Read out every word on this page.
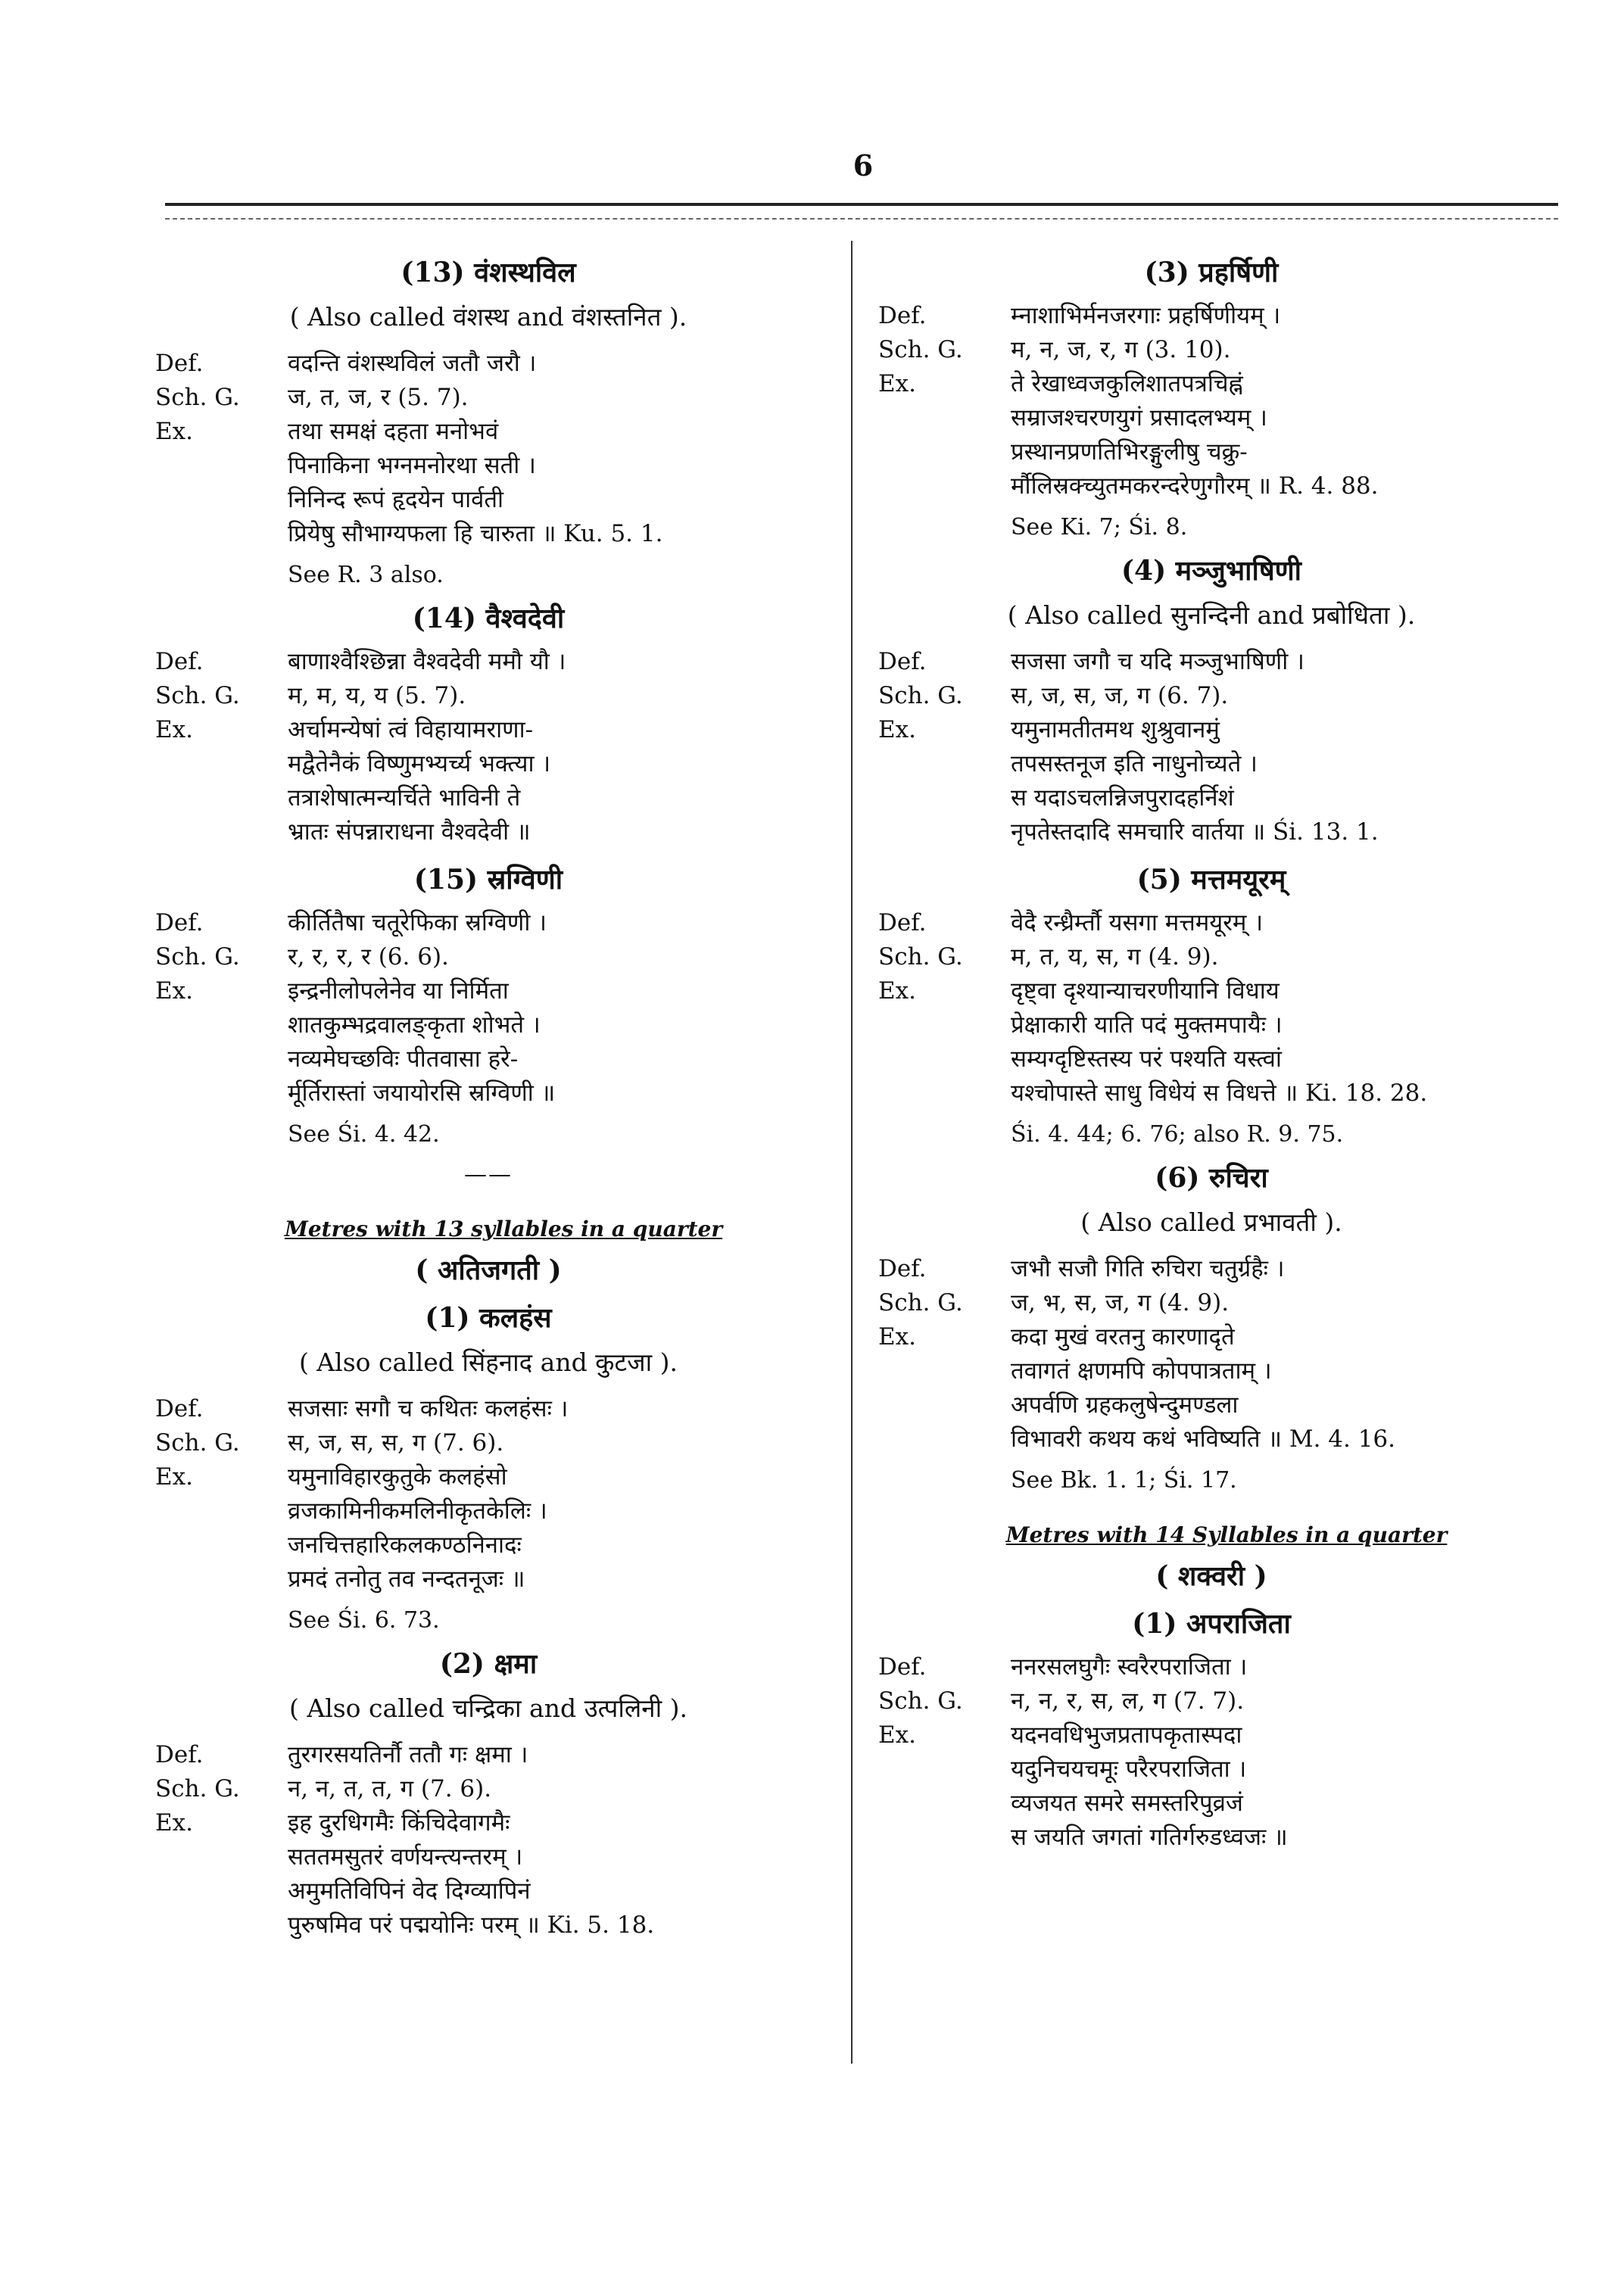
6
(13) वंशस्थविल
( Also called वंशस्थ and वंशस्तनित ).
Def.	वदन्ति वंशस्थविलं जतौ जरौ ।
Sch. G.	ज, त, ज, र (5. 7).
Ex.	तथा समक्षं दहता मनोभवं
पिनाकिना भग्नमनोरथा सती ।
निनिन्द रूपं हृदयेन पार्वती
प्रियेषु सौभाग्यफला हि चारुता ॥ Ku. 5. 1.
See R. 3 also.
(14) वैश्वदेवी
Def.	बाणाश्वैश्छिन्ना वैश्वदेवी ममौ यौ ।
Sch. G.	म, म, य, य (5. 7).
Ex.	अर्चामन्येषां त्वं विहायामराणा-
मद्वैतेनैकं विष्णुमभ्यर्च्य भक्त्या ।
तत्राशेषात्मन्यर्चिते भाविनी ते
भ्रातः संपन्नाराधना वैश्वदेवी ॥
(15) स्रग्विणी
Def.	कीर्तितैषा चतूरेफिका स्रग्विणी ।
Sch. G.	र, र, र, र (6. 6).
Ex.	इन्द्रनीलोपलेनेव या निर्मिता
शातकुम्भद्रवालङ्कृता शोभते ।
नव्यमेघच्छविः पीतवासा हरे-
र्मूर्तिरास्तां जयायोरसि स्रग्विणी ॥
See Śi. 4. 42.
——
Metres with 13 syllables in a quarter
( अतिजगती )
(1) कलहंस
( Also called सिंहनाद and कुटजा ).
Def.	सजसाः सगौ च कथितः कलहंसः ।
Sch. G.	स, ज, स, स, ग (7. 6).
Ex.	यमुनाविहारकुतुके कलहंसो
व्रजकामिनीकमलिनीकृतकेलिः ।
जनचित्तहारिकलकण्ठनिनादः
प्रमदं तनोतु तव नन्दतनूजः ॥
See Śi. 6. 73.
(2) क्षमा
( Also called चन्द्रिका and उत्पलिनी ).
Def.	तुरगरसयतिर्नौ ततौ गः क्षमा ।
Sch. G.	न, न, त, त, ग (7. 6).
Ex.	इह दुरधिगमैः किंचिदेवागमैः
सततमसुतरं वर्णयन्त्यन्तरम् ।
अमुमतिविपिनं वेद दिग्व्यापिनं
पुरुषमिव परं पद्मयोनिः परम् ॥ Ki. 5. 18.
(3) प्रहर्षिणी
Def.	म्नाशाभिर्मनजरगाः प्रहर्षिणीयम् ।
Sch. G.	म, न, ज, र, ग (3. 10).
Ex.	ते रेखाध्वजकुलिशातपत्रचिह्नं
सम्राजश्चरणयुगं प्रसादलभ्यम् ।
प्रस्थानप्रणतिभिरङ्गुलीषु चक्रु-
र्मौलिस्रक्च्युतमकरन्दरेणुगौरम् ॥ R. 4. 88.
See Ki. 7; Śi. 8.
(4) मञ्जुभाषिणी
( Also called सुनन्दिनी and प्रबोधिता ).
Def.	सजसा जगौ च यदि मञ्जुभाषिणी ।
Sch. G.	स, ज, स, ज, ग (6. 7).
Ex.	यमुनामतीतमथ शुश्रुवानमुं
तपसस्तनूज इति नाधुनोच्यते ।
स यदाऽचलन्निजपुरादहर्निशं
नृपतेस्तदादि समचारि वार्तया ॥ Śi. 13. 1.
(5) मत्तमयूरम्
Def.	वेदै रन्ध्रैर्म्तौ यसगा मत्तमयूरम् ।
Sch. G.	म, त, य, स, ग (4. 9).
Ex.	दृष्ट्वा दृश्यान्याचरणीयानि विधाय
प्रेक्षाकारी याति पदं मुक्तमपायैः ।
सम्यग्दृष्टिस्तस्य परं पश्यति यस्त्वां
यश्चोपास्ते साधु विधेयं स विधत्ते ॥ Ki. 18. 28.
Śi. 4. 44; 6. 76; also R. 9. 75.
(6) रुचिरा
( Also called प्रभावती ).
Def.	जभौ सजौ गिति रुचिरा चतुर्ग्रहैः ।
Sch. G.	ज, भ, स, ज, ग (4. 9).
Ex.	कदा मुखं वरतनु कारणादृते
तवागतं क्षणमपि कोपपात्रताम् ।
अपर्वणि ग्रहकलुषेन्दुमण्डला
विभावरी कथय कथं भविष्यति ॥ M. 4. 16.
See Bk. 1. 1; Śi. 17.
Metres with 14 Syllables in a quarter
( शक्वरी )
(1) अपराजिता
Def.	ननरसलघुगैः स्वरैरपराजिता ।
Sch. G.	न, न, र, स, ल, ग (7. 7).
Ex.	यदनवधिभुजप्रतापकृतास्पदा
यदुनिचयचमूः परैरपराजिता ।
व्यजयत समरे समस्तरिपुव्रजं
स जयति जगतां गतिर्गरुडध्वजः ॥
